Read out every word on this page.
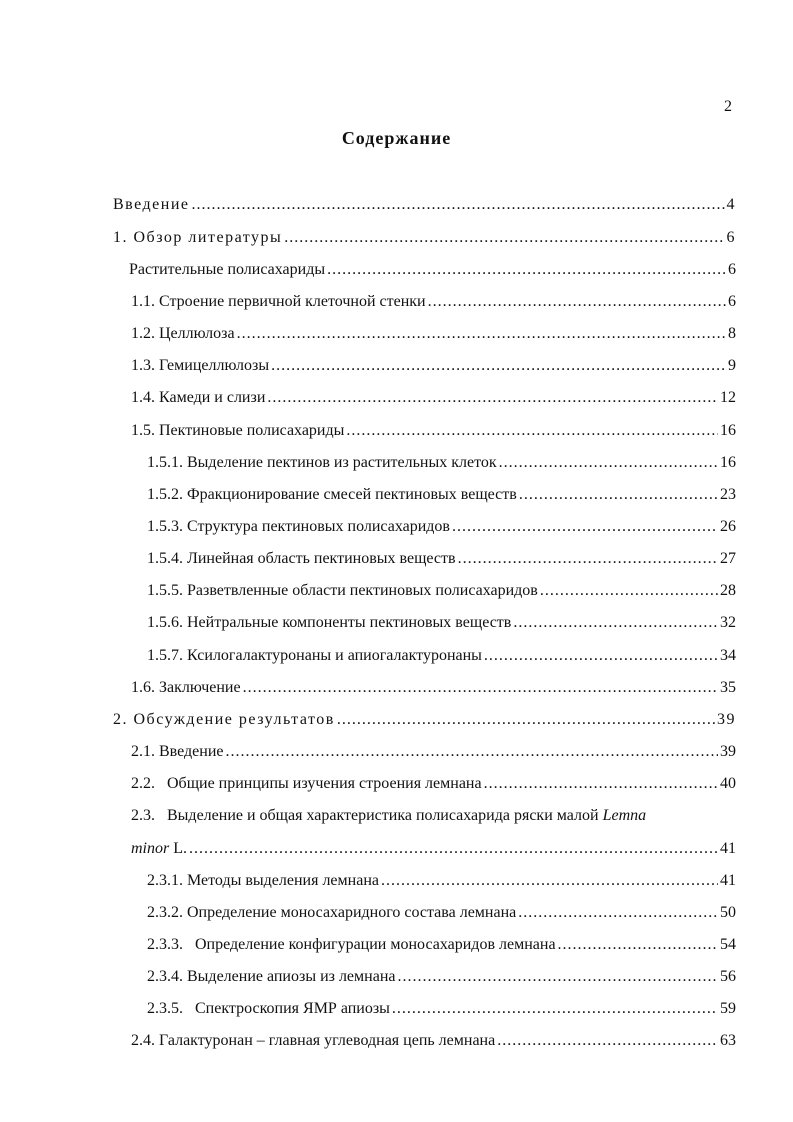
2
Содержание
Введение .....	4
1. Обзор литературы .....	6
Растительные полисахариды .....	6
1.1. Строение первичной клеточной стенки .....	6
1.2. Целлюлоза .....	8
1.3. Гемицеллюлозы .....	9
1.4. Камеди и слизи .....	12
1.5. Пектиновые полисахариды .....	16
1.5.1. Выделение пектинов из растительных клеток .....	16
1.5.2. Фракционирование смесей пектиновых веществ .....	23
1.5.3. Структура пектиновых полисахаридов .....	26
1.5.4. Линейная область пектиновых веществ .....	27
1.5.5. Разветвленные области пектиновых полисахаридов .....	28
1.5.6. Нейтральные компоненты пектиновых веществ .....	32
1.5.7. Ксилогалактуронаны и апиогалактуронаны .....	34
1.6. Заключение .....	35
2. Обсуждение результатов .....	39
2.1. Введение .....	39
2.2.   Общие принципы изучения строения лемнана .....	40
2.3.   Выделение и общая характеристика полисахарида ряски малой Lemna
minor L. .....	41
2.3.1. Методы выделения лемнана .....	41
2.3.2. Определение моносахаридного состава лемнана .....	50
2.3.3.   Определение конфигурации моносахаридов лемнана .....	54
2.3.4. Выделение апиозы из лемнана .....	56
2.3.5.   Спектроскопия ЯМР апиозы .....	59
2.4. Галактуронан – главная углеводная цепь лемнана .....	63
